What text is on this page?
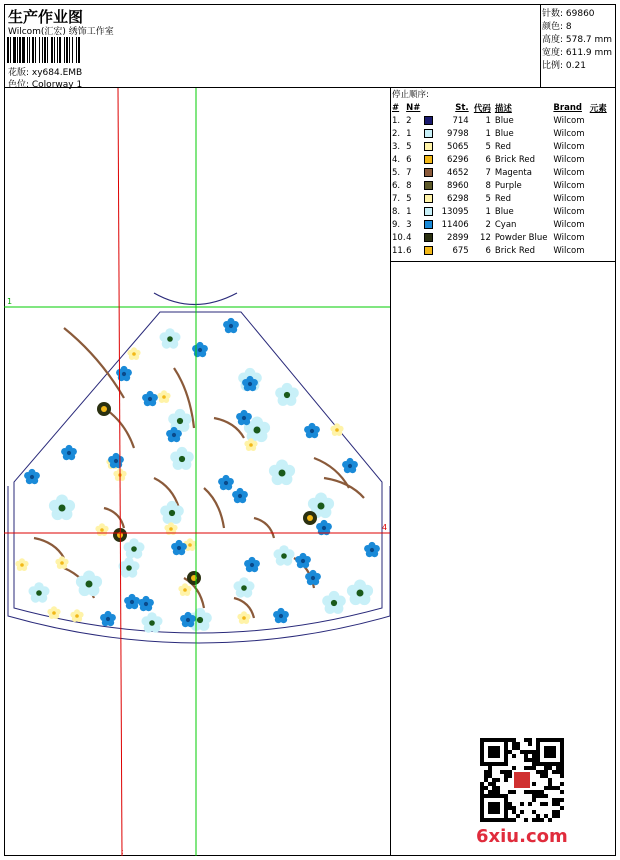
生产作业图
Wilcom(汇宏) 绣饰工作室
花版: xy684.EMB
色位: Colorway 1
针数: 69860
颜色: 8
高度: 578.7 mm
宽度: 611.9 mm
比例: 0.21
停止顺序:
#	N#	St.	代码	描述	Brand	元素
1.	2	714	1	Blue	Wilcom	
2.	1	9798	1	Blue	Wilcom	
3.	5	5065	5	Red	Wilcom	
4.	6	6296	6	Brick Red	Wilcom	
5.	7	4652	7	Magenta	Wilcom	
6.	8	8960	8	Purple	Wilcom	
7.	5	6298	5	Red	Wilcom	
8.	1	13095	1	Blue	Wilcom	
9.	3	11406	2	Cyan	Wilcom	
10.	4	2899	12	Powder Blue	Wilcom	
11.	6	675	6	Brick Red	Wilcom	
1
4
:
6xiu.com
